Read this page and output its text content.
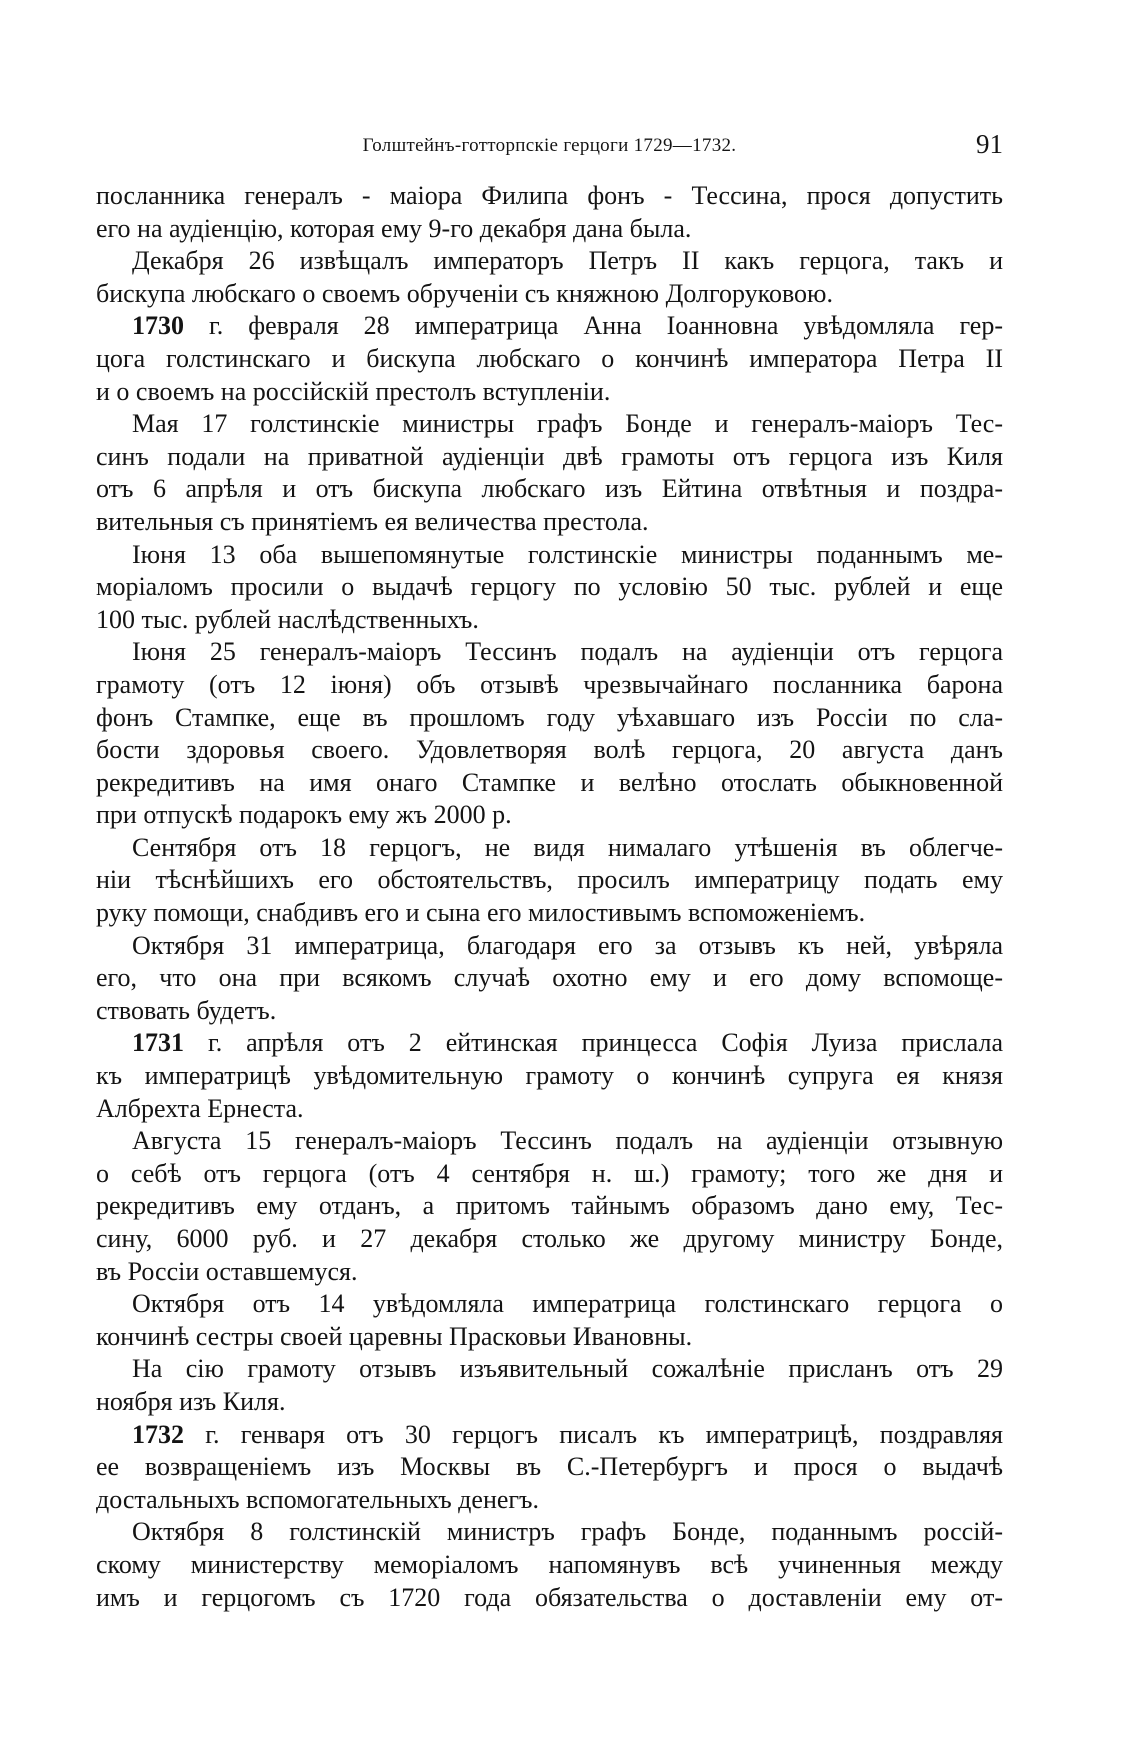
Голштейнъ-готторпскіе герцоги 1729—1732.	91
посланника генералъ - маіора Филипа фонъ - Тессина, прося допустить
его на аудіенцію, которая ему 9-го декабря дана была.
Декабря 26 извѣщалъ императоръ Петръ II какъ герцога, такъ и
бискупа любскаго о своемъ обрученіи съ княжною Долгоруковою.
1730 г. февраля 28 императрица Анна Іоанновна увѣдомляла гер-
цога голстинскаго и бискупа любскаго о кончинѣ императора Петра II
и о своемъ на россійскій престолъ вступленіи.
Мая 17 голстинскіе министры графъ Бонде и генералъ-маіоръ Тес-
синъ подали на приватной аудіенціи двѣ грамоты отъ герцога изъ Киля
отъ 6 апрѣля и отъ бискупа любскаго изъ Ейтина отвѣтныя и поздра-
вительныя съ принятіемъ ея величества престола.
Іюня 13 оба вышепомянутые голстинскіе министры поданнымъ ме-
моріаломъ просили о выдачѣ герцогу по условію 50 тыс. рублей и еще
100 тыс. рублей наслѣдственныхъ.
Іюня 25 генералъ-маіоръ Тессинъ подалъ на аудіенціи отъ герцога
грамоту (отъ 12 іюня) объ отзывѣ чрезвычайнаго посланника барона
фонъ Стампке, еще въ прошломъ году уѣхавшаго изъ Россіи по сла-
бости здоровья своего. Удовлетворяя волѣ герцога, 20 августа данъ
рекредитивъ на имя онаго Стампке и велѣно отослать обыкновенной
при отпускѣ подарокъ ему жъ 2000 р.
Сентября отъ 18 герцогъ, не видя нималаго утѣшенія въ облегче-
ніи тѣснѣйшихъ его обстоятельствъ, просилъ императрицу подать ему
руку помощи, снабдивъ его и сына его милостивымъ вспоможеніемъ.
Октября 31 императрица, благодаря его за отзывъ къ ней, увѣряла
его, что она при всякомъ случаѣ охотно ему и его дому вспомоще-
ствовать будетъ.
1731 г. апрѣля отъ 2 ейтинская принцесса Софія Луиза прислала
къ императрицѣ увѣдомительную грамоту о кончинѣ супруга ея князя
Албрехта Ернеста.
Августа 15 генералъ-маіоръ Тессинъ подалъ на аудіенціи отзывную
о себѣ отъ герцога (отъ 4 сентября н. ш.) грамоту; того же дня и
рекредитивъ ему отданъ, а притомъ тайнымъ образомъ дано ему, Тес-
сину, 6000 руб. и 27 декабря столько же другому министру Бонде,
въ Россіи оставшемуся.
Октября отъ 14 увѣдомляла императрица голстинскаго герцога о
кончинѣ сестры своей царевны Прасковьи Ивановны.
На сію грамоту отзывъ изъявительный сожалѣніе присланъ отъ 29
ноября изъ Киля.
1732 г. генваря отъ 30 герцогъ писалъ къ императрицѣ, поздравляя
ее возвращеніемъ изъ Москвы въ С.-Петербургъ и прося о выдачѣ
достальныхъ вспомогательныхъ денегъ.
Октября 8 голстинскій министръ графъ Бонде, поданнымъ россій-
скому министерству меморіаломъ напомянувъ всѣ учиненныя между
имъ и герцогомъ съ 1720 года обязательства о доставленіи ему от-
